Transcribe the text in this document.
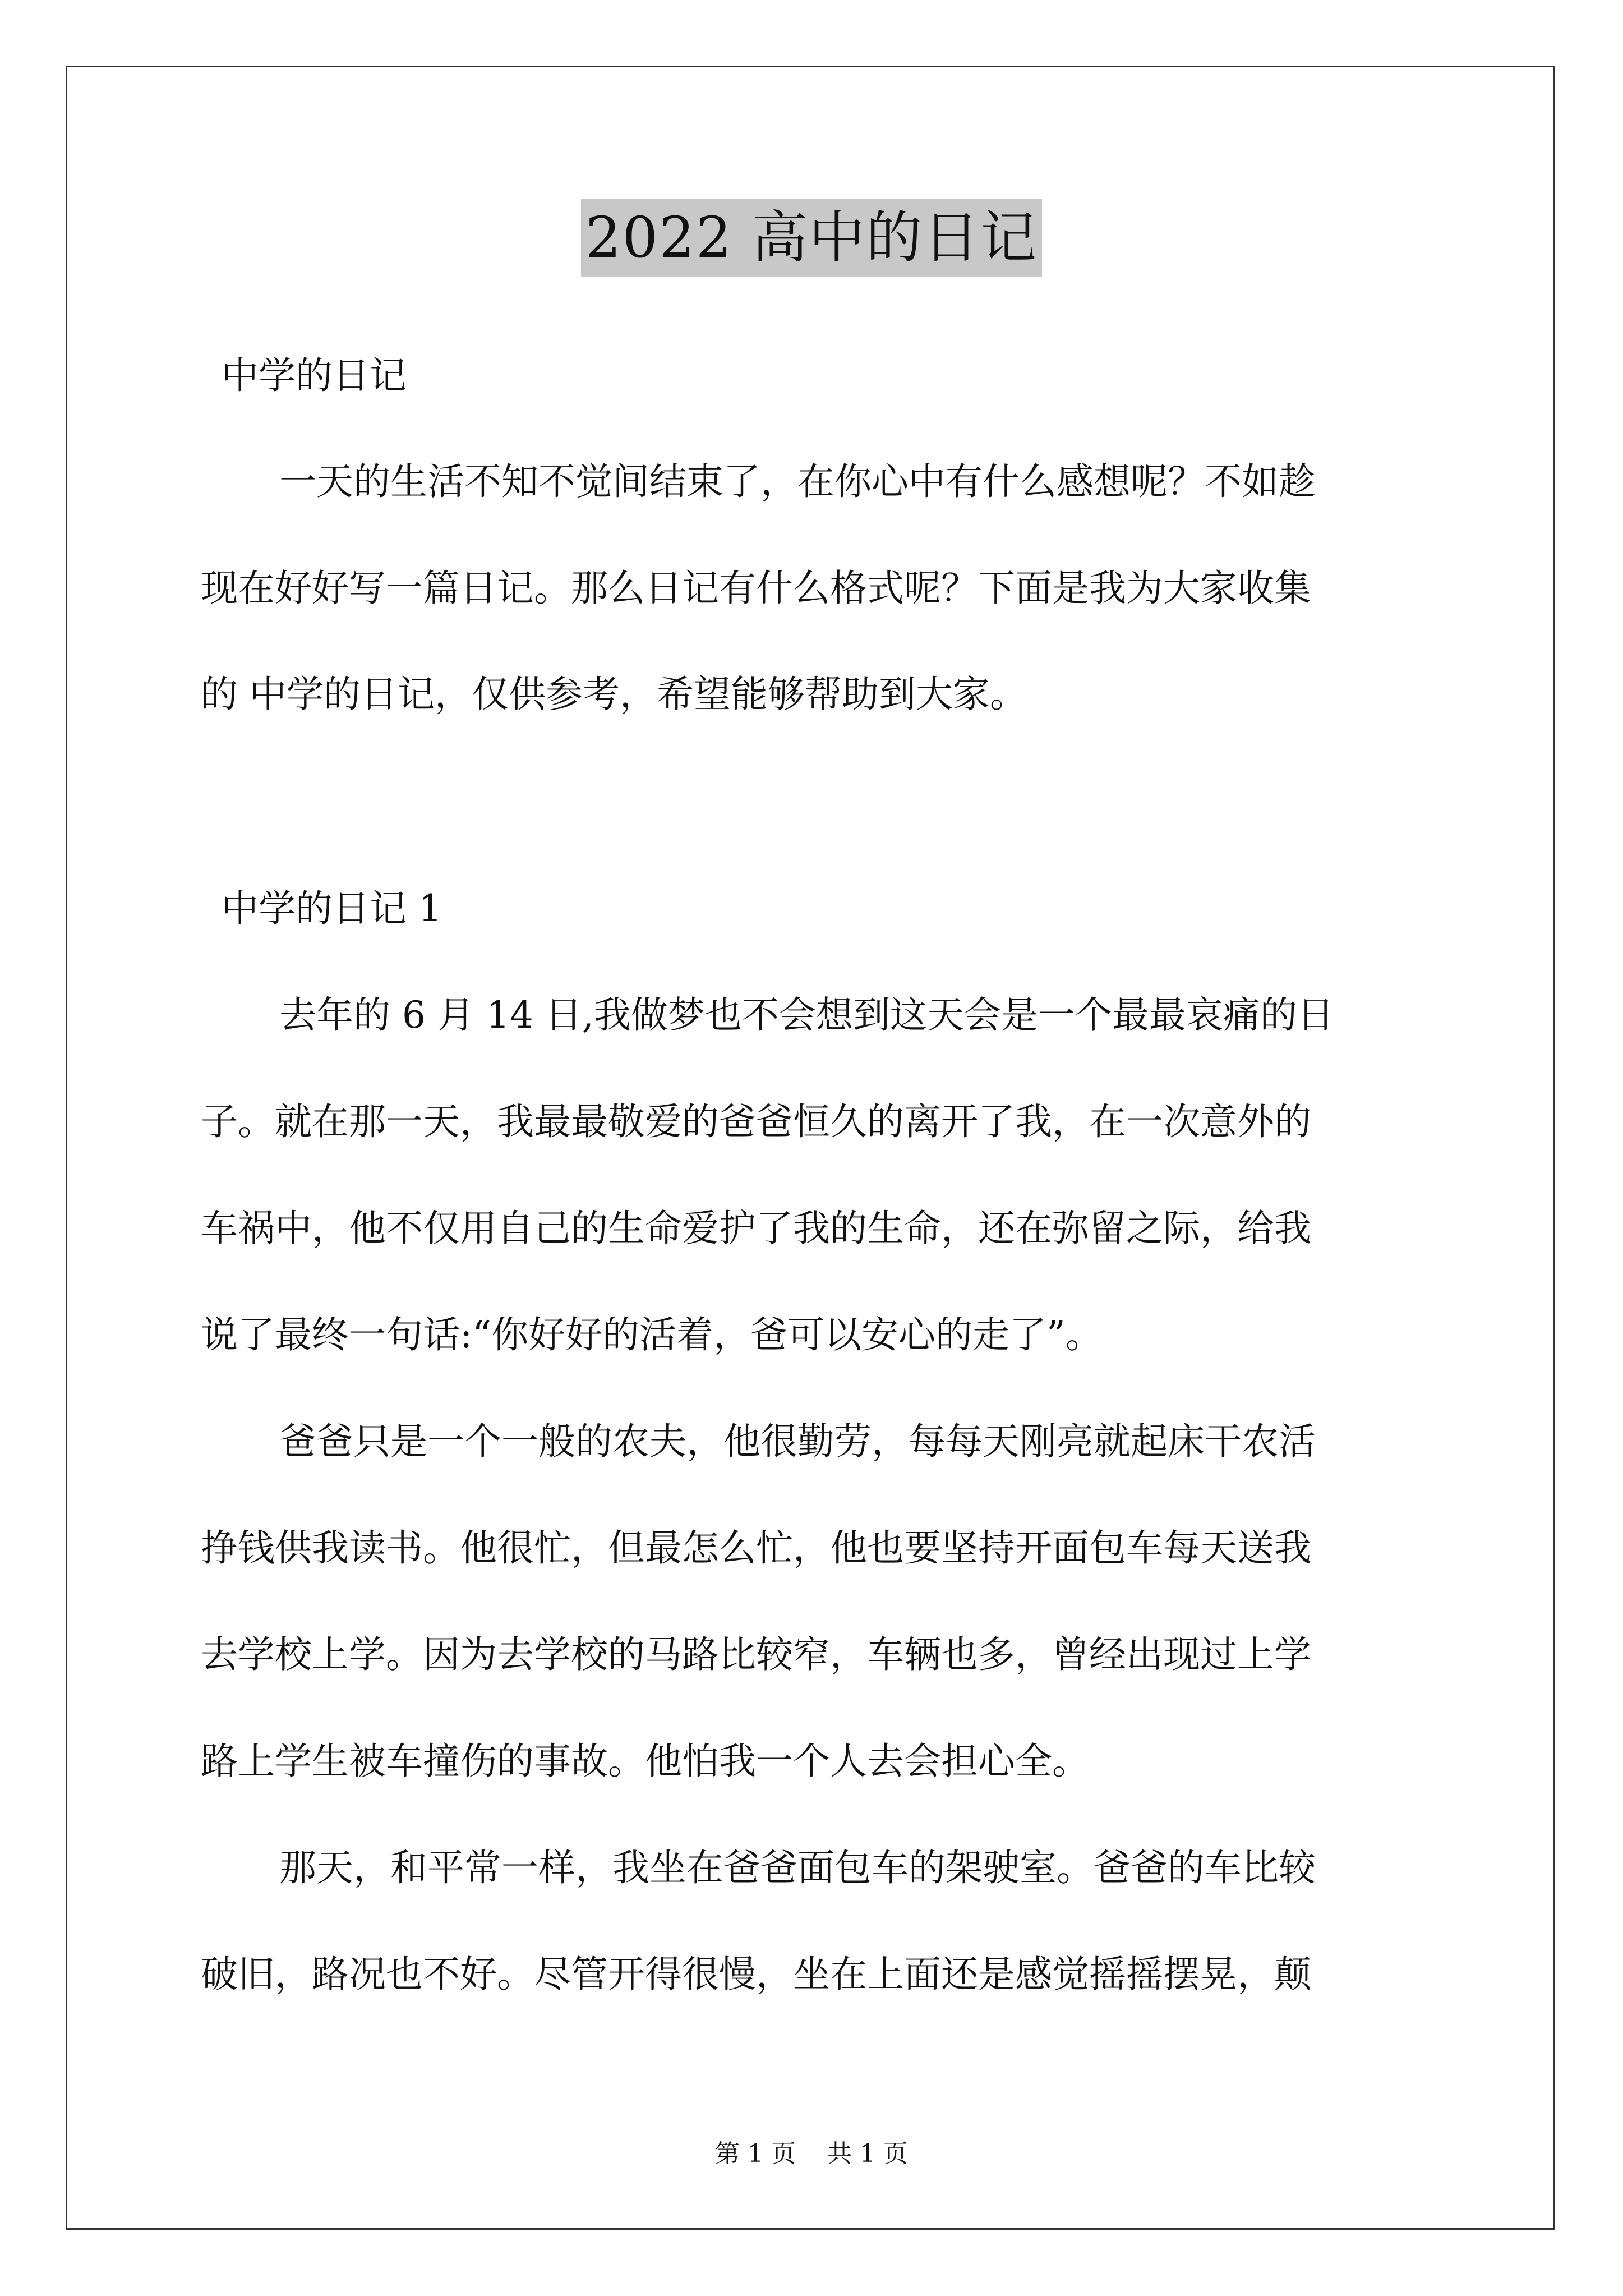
2022 高中的日记
中学的日记
一天的生活不知不觉间结束了，在你心中有什么感想呢？不如趁
现在好好写一篇日记。那么日记有什么格式呢？下面是我为大家收集
的 中学的日记，仅供参考，希望能够帮助到大家。
中学的日记 1
去年的 6 月 14 日,我做梦也不会想到这天会是一个最最哀痛的日
子。就在那一天，我最最敬爱的爸爸恒久的离开了我，在一次意外的
车祸中，他不仅用自己的生命爱护了我的生命，还在弥留之际，给我
说了最终一句话:“你好好的活着，爸可以安心的走了”。
爸爸只是一个一般的农夫，他很勤劳，每每天刚亮就起床干农活
挣钱供我读书。他很忙，但最怎么忙，他也要坚持开面包车每天送我
去学校上学。因为去学校的马路比较窄，车辆也多，曾经出现过上学
路上学生被车撞伤的事故。他怕我一个人去会担心全。
那天，和平常一样，我坐在爸爸面包车的架驶室。爸爸的车比较
破旧，路况也不好。尽管开得很慢，坐在上面还是感觉摇摇摆晃，颠
第 1 页    共 1 页
